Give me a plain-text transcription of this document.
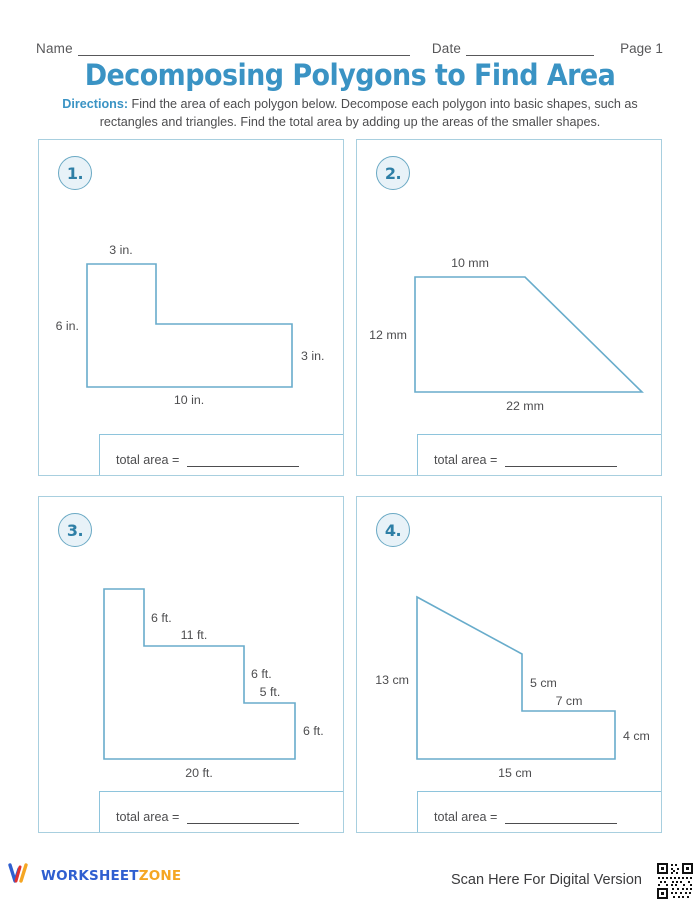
Name	Date	Page 1
Decomposing Polygons to Find Area
Directions: Find the area of each polygon below. Decompose each polygon into basic shapes, such as rectangles and triangles. Find the total area by adding up the areas of the smaller shapes.
1.
3 in.
6 in.
3 in.
10 in.
total area =
2.
10 mm
12 mm
22 mm
total area =
3.
6 ft.
11 ft.
6 ft.
5 ft.
6 ft.
20 ft.
total area =
4.
13 cm	5 cm
7 cm
4 cm
15 cm
total area =
WORKSHEETZONE	Scan Here For Digital Version
